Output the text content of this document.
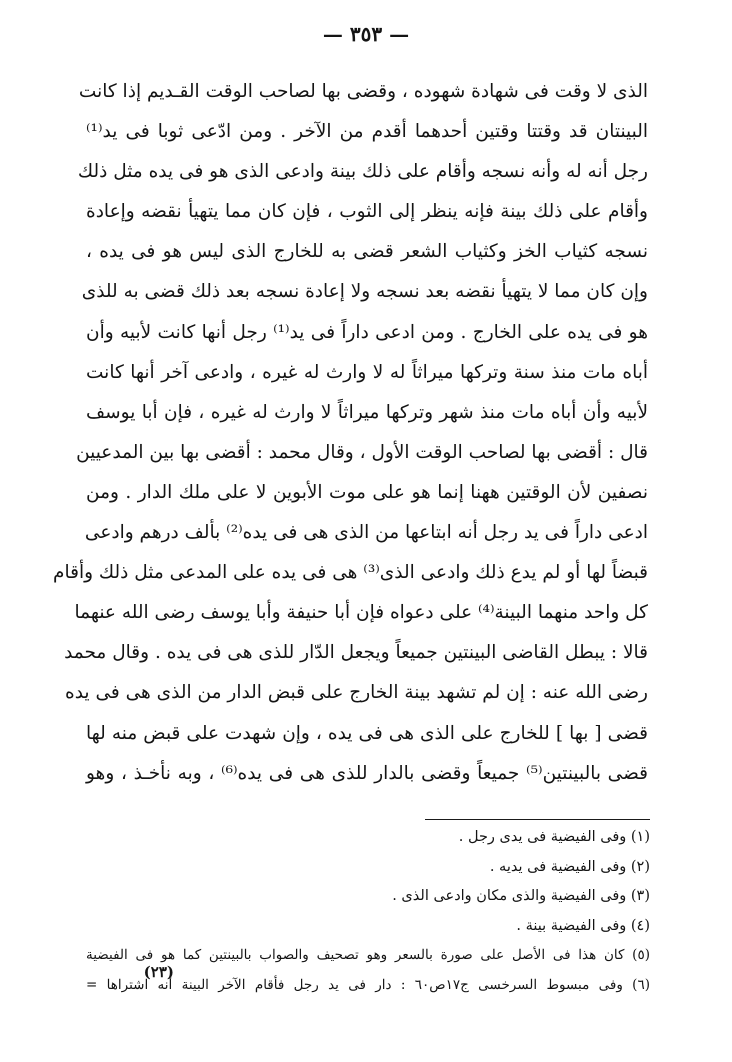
— ٣٥٣ —
الذى لا وقت فى شهادة شهوده ، وقضى بها لصاحب الوقت القـديم إذا كانت
البينتان قد وقتتا وقتين أحدهما أقدم من الآخر . ومن ادّعى ثوبا فى يد⁽¹⁾
رجل أنه له وأنه نسجه وأقام على ذلك بينة وادعى الذى هو فى يده مثل ذلك
وأقام على ذلك بينة فإنه ينظر إلى الثوب ، فإن كان مما يتهيأ نقضه وإعادة
نسجه كثياب الخز وكثياب الشعر قضى به للخارج الذى ليس هو فى يده ،
وإن كان مما لا يتهيأ نقضه بعد نسجه ولا إعادة نسجه بعد ذلك قضى به للذى
هو فى يده على الخارج . ومن ادعى داراً فى يد⁽¹⁾ رجل أنها كانت لأبيه وأن
أباه مات منذ سنة وتركها ميراثاً له لا وارث له غيره ، وادعى آخر أنها كانت
لأبيه وأن أباه مات منذ شهر وتركها ميراثاً لا وارث له غيره ، فإن أبا يوسف
قال : أقضى بها لصاحب الوقت الأول ، وقال محمد : أقضى بها بين المدعيين
نصفين لأن الوقتين ههنا إنما هو على موت الأبوين لا على ملك الدار . ومن
ادعى داراً فى يد رجل أنه ابتاعها من الذى هى فى يده⁽²⁾ بألف درهم وادعى
قبضاً لها أو لم يدع ذلك وادعى الذى⁽³⁾ هى فى يده على المدعى مثل ذلك وأقام
كل واحد منهما البينة⁽⁴⁾ على دعواه فإن أبا حنيفة وأبا يوسف رضى الله عنهما
قالا : يبطل القاضى البينتين جميعاً ويجعل الدّار للذى هى فى يده . وقال محمد
رضى الله عنه : إن لم تشهد بينة الخارج على قبض الدار من الذى هى فى يده
قضى [ بها ] للخارج على الذى هى فى يده ، وإن شهدت على قبض منه لها
قضى بالبينتين⁽⁵⁾ جميعاً وقضى بالدار للذى هى فى يده⁽⁶⁾ ، وبه نأخـذ ، وهو
(١) وفى الفيضية فى يدى رجل .
(٢) وفى الفيضية فى يديه .
(٣) وفى الفيضية والذى مكان وادعى الذى .
(٤) وفى الفيضية بينة .
(٥) كان هذا فى الأصل على صورة بالسعر وهو تصحيف والصواب بالبينتين كما هو فى الفيضية
(٦) وفى مبسوط السرخسى ج١٧ص٦٠ : دار فى يد رجل فأقام الآخر البينة أنه اشتراها =
(٢٣)
